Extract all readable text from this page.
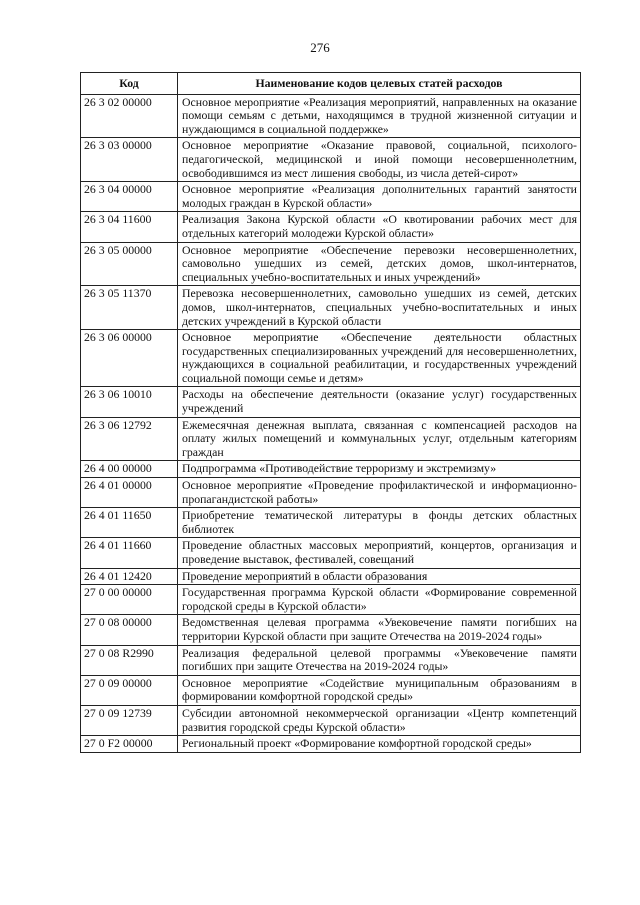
276
Код	Наименование кодов целевых статей расходов
26 3 02 00000	Основное мероприятие «Реализация мероприятий, направленных на оказание помощи семьям с детьми, находящимся в трудной жизненной ситуации и нуждающимся в социальной поддержке»
26 3 03 00000	Основное мероприятие «Оказание правовой, социальной, психолого-педагогической, медицинской и иной помощи несовершеннолетним, освободившимся из мест лишения свободы, из числа детей-сирот»
26 3 04 00000	Основное мероприятие «Реализация дополнительных гарантий занятости молодых граждан в Курской области»
26 3 04 11600	Реализация Закона Курской области «О квотировании рабочих мест для отдельных категорий молодежи Курской области»
26 3 05 00000	Основное мероприятие «Обеспечение перевозки несовершеннолетних, самовольно ушедших из семей, детских домов, школ-интернатов, специальных учебно-воспитательных и иных учреждений»
26 3 05 11370	Перевозка несовершеннолетних, самовольно ушедших из семей, детских домов, школ-интернатов, специальных учебно-воспитательных и иных детских учреждений в Курской области
26 3 06 00000	Основное мероприятие «Обеспечение деятельности областных государственных специализированных учреждений для несовершеннолетних, нуждающихся в социальной реабилитации, и государственных учреждений социальной помощи семье и детям»
26 3 06 10010	Расходы на обеспечение деятельности (оказание услуг) государственных учреждений
26 3 06 12792	Ежемесячная денежная выплата, связанная с компенсацией расходов на оплату жилых помещений и коммунальных услуг, отдельным категориям граждан
26 4 00 00000	Подпрограмма «Противодействие терроризму и экстремизму»
26 4 01 00000	Основное мероприятие «Проведение профилактической и информационно-пропагандистской работы»
26 4 01 11650	Приобретение тематической литературы в фонды детских областных библиотек
26 4 01 11660	Проведение областных массовых мероприятий, концертов, организация и проведение выставок, фестивалей, совещаний
26 4 01 12420	Проведение мероприятий в области образования
27 0 00 00000	Государственная программа Курской области «Формирование современной городской среды в Курской области»
27 0 08 00000	Ведомственная целевая программа «Увековечение памяти погибших на территории Курской области при защите Отечества на 2019-2024 годы»
27 0 08 R2990	Реализация федеральной целевой программы «Увековечение памяти погибших при защите Отечества на 2019-2024 годы»
27 0 09 00000	Основное мероприятие «Содействие муниципальным образованиям в формировании комфортной городской среды»
27 0 09 12739	Субсидии автономной некоммерческой организации «Центр компетенций развития городской среды Курской области»
27 0 F2 00000	Региональный проект «Формирование комфортной городской среды»
